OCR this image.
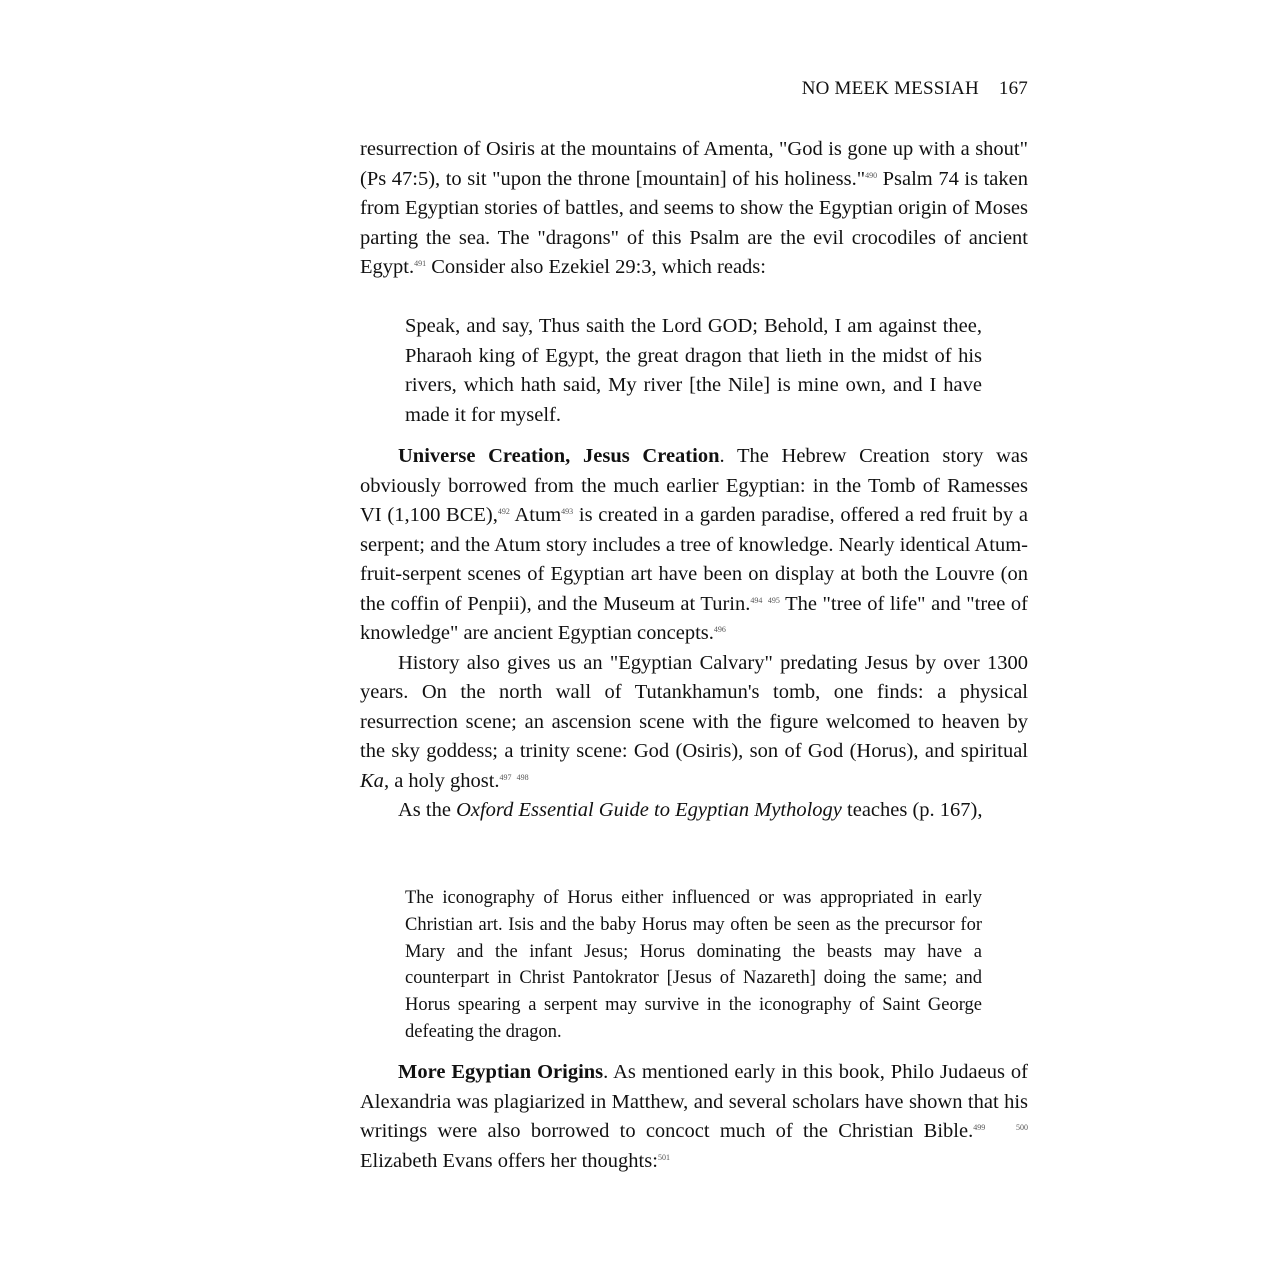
NO MEEK MESSIAH 167

resurrection of Osiris at the mountains of Amenta, "God is gone up with a shout" (Ps 47:5), to sit "upon the throne [mountain] of his holiness."$^{490}$ Psalm 74 is taken from Egyptian stories of battles, and seems to show the Egyptian origin of Moses parting the sea. The "dragons" of this Psalm are the evil crocodiles of ancient Egypt.$^{491}$ Consider also Ezekiel 29:3, which reads:

Speak, and say, Thus saith the Lord GOD; Behold, I am against thee, Pharaoh king of Egypt, the great dragon that lieth in the midst of his rivers, which hath said, My river [the Nile] is mine own, and I have made it for myself.

Universe Creation, Jesus Creation. The Hebrew Creation story was obviously borrowed from the much earlier Egyptian: in the Tomb of Ramesses VI (1,100 BCE),$^{492}$ Atum$^{493}$ is created in a garden paradise, offered a red fruit by a serpent; and the Atum story includes a tree of knowledge. Nearly identical Atum-fruit-serpent scenes of Egyptian art have been on display at both the Louvre (on the coffin of Penpii), and the Museum at Turin.$^{494}$ $^{495}$ The "tree of life" and "tree of knowledge" are ancient Egyptian concepts.$^{496}$

History also gives us an "Egyptian Calvary" predating Jesus by over 1300 years. On the north wall of Tutankhamun's tomb, one finds: a physical resurrection scene; an ascension scene with the figure welcomed to heaven by the sky goddess; a trinity scene: God (Osiris), son of God (Horus), and spiritual Ka, a holy ghost.$^{497}$ $^{498}$

As the Oxford Essential Guide to Egyptian Mythology teaches (p. 167),

The iconography of Horus either influenced or was appropriated in early Christian art. Isis and the baby Horus may often be seen as the precursor for Mary and the infant Jesus; Horus dominating the beasts may have a counterpart in Christ Pantokrator [Jesus of Nazareth] doing the same; and Horus spearing a serpent may survive in the iconography of Saint George defeating the dragon.

More Egyptian Origins. As mentioned early in this book, Philo Judaeus of Alexandria was plagiarized in Matthew, and several scholars have shown that his writings were also borrowed to concoct much of the Christian Bible.$^{499}$	$^{500}$ Elizabeth Evans offers her thoughts:$^{501}$
